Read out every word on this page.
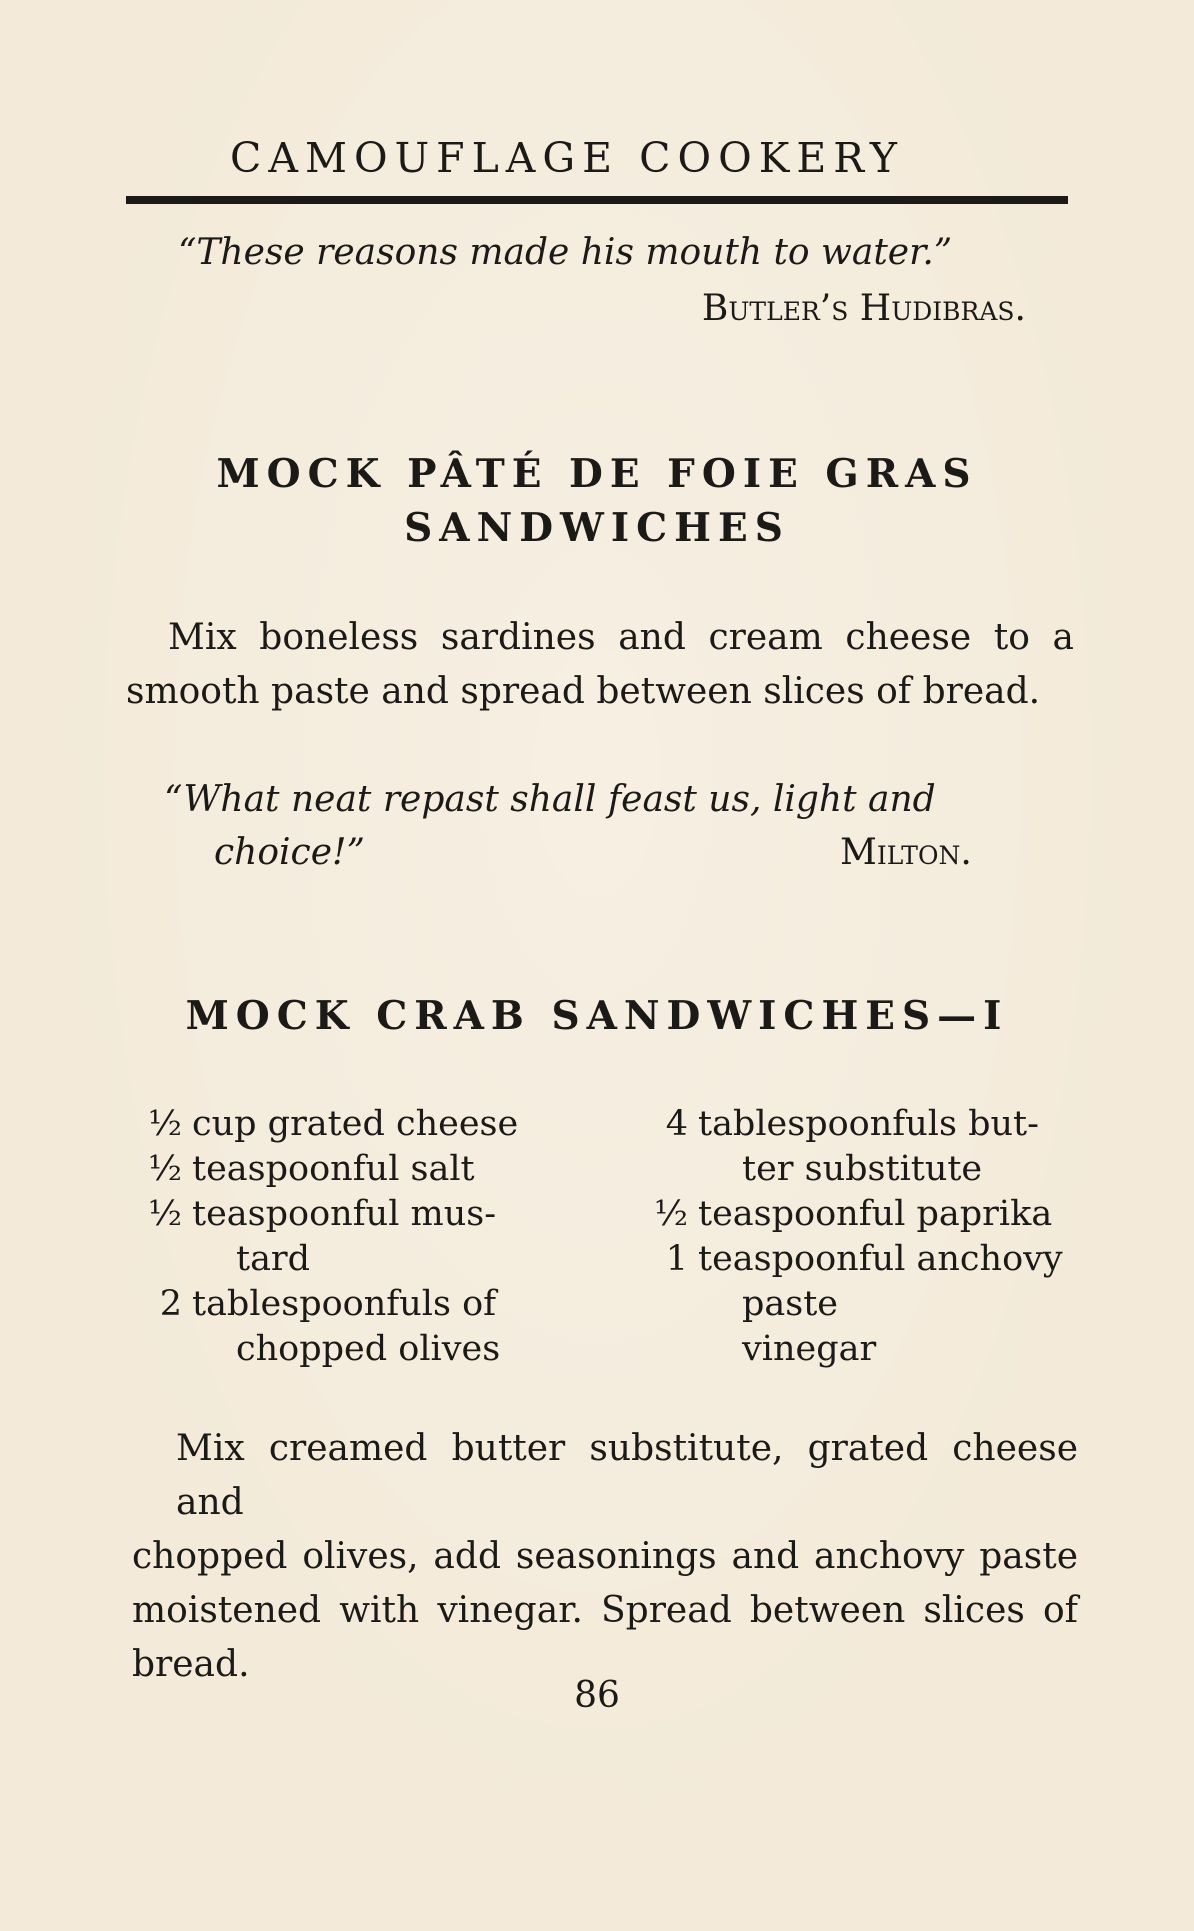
CAMOUFLAGE COOKERY
“These reasons made his mouth to water.”
Butler’s Hudibras.
MOCK PÂTÉ DE FOIE GRAS
SANDWICHES
Mix boneless sardines and cream cheese to a
smooth paste and spread between slices of bread.
“What neat repast shall feast us, light and
choice!”	Milton.
MOCK CRAB SANDWICHES—I
½ cup grated cheese
½ teaspoonful salt
½ teaspoonful mus-
tard
2 tablespoonfuls of
chopped olives
4 tablespoonfuls but-
ter substitute
½ teaspoonful paprika
1 teaspoonful anchovy
paste
vinegar
Mix creamed butter substitute, grated cheese and
chopped olives, add seasonings and anchovy paste
moistened with vinegar. Spread between slices of
bread.
86
